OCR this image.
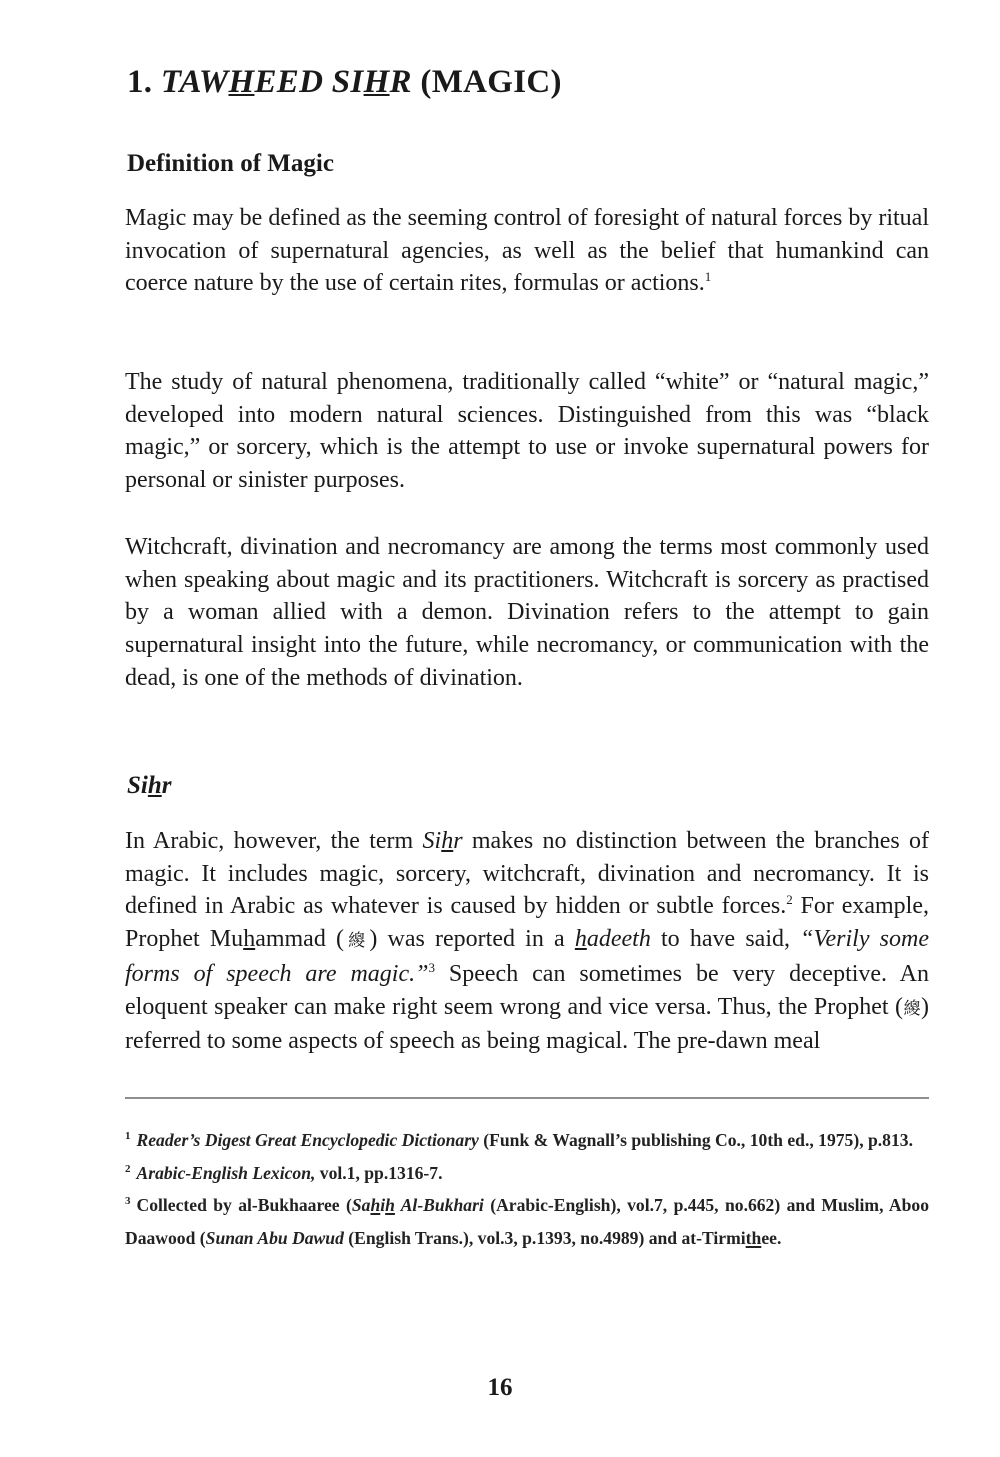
1. TAWHEED SIHR (MAGIC)
Definition of Magic

Magic may be defined as the seeming control of foresight of natural forces by ritual invocation of supernatural agencies, as well as the belief that humankind can coerce nature by the use of certain rites, formulas or actions.$^1$

The study of natural phenomena, traditionally called “white” or “natural magic,” developed into modern natural sciences. Distinguished from this was “black magic,” or sorcery, which is the attempt to use or invoke supernatural powers for personal or sinister purposes.

Witchcraft, divination and necromancy are among the terms most commonly used when speaking about magic and its practitioners. Witchcraft is sorcery as practised by a woman allied with a demon. Divination refers to the attempt to gain supernatural insight into the future, while necromancy, or communication with the dead, is one of the methods of divination.

Sihr

In Arabic, however, the term Sihr makes no distinction between the branches of magic. It includes magic, sorcery, witchcraft, divination and necromancy. It is defined in Arabic as whatever is caused by hidden or subtle forces.$^2$ For example, Prophet Muhammad (繌) was reported in a hadeeth to have said, “Verily some forms of speech are magic.”$^3$ Speech can sometimes be very deceptive. An eloquent speaker can make right seem wrong and vice versa. Thus, the Prophet (繌) referred to some aspects of speech as being magical. The pre-dawn meal

$^1$ Reader’s Digest Great Encyclopedic Dictionary (Funk & Wagnall’s publishing Co., 10th ed., 1975), p.813.

$^2$ Arabic-English Lexicon, vol.1, pp.1316-7.

$^3$ Collected by al-Bukhaaree (Sahih Al-Bukhari (Arabic-English), vol.7, p.445, no.662) and Muslim, Aboo Daawood (Sunan Abu Dawud (English Trans.), vol.3, p.1393, no.4989) and at-Tirmithee.

16
